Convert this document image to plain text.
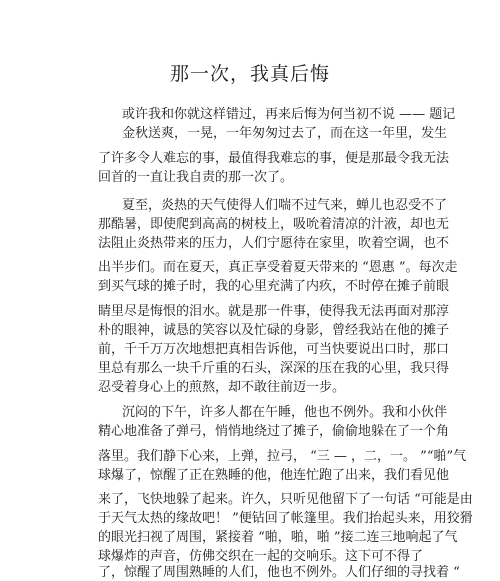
那一次，我真后悔
或许我和你就这样错过，再来后悔为何当初不说 —— 题记
金秋送爽，一晃，一年匆匆过去了，而在这一年里，发生
了许多令人难忘的事，最值得我难忘的事，便是那最令我无法
回首的一直让我自责的那一次了。
夏至，炎热的天气使得人们喘不过气来，蝉儿也忍受不了
那酷暑，即使爬到高高的树枝上，吸吮着清凉的汁液，却也无
法阻止炎热带来的压力，人们宁愿待在家里，吹着空调，也不
出半步们。而在夏天，真正享受着夏天带来的 “恩惠 ”。每次走
到买气球的摊子时，我的心里充满了内疚，不时停在摊子前眼
睛里尽是悔恨的泪水。就是那一件事，使得我无法再面对那淳
朴的眼神，诚恳的笑容以及忙碌的身影，曾经我站在他的摊子
前，千千万万次地想把真相告诉他，可当快要说出口时，那口
里总有那么一块千斤重的石头，深深的压在我的心里，我只得
忍受着身心上的煎熬，却不敢往前迈一步。
沉闷的下午，许多人都在午睡，他也不例外。我和小伙伴
精心地准备了弹弓，悄悄地绕过了摊子，偷偷地躲在了一个角
落里。我们静下心来，上弹，拉弓， “三 — ，二，一。 ”“啪”气
球爆了，惊醒了正在熟睡的他，他连忙跑了出来，我们看见他
来了，飞快地躲了起来。许久，只听见他留下了一句话 “可能是由
于天气太热的缘故吧！ ”便钻回了帐篷里。我们抬起头来，用狡猾
的眼光扫视了周围，紧接着 “啪，啪，啪 ”接二连三地响起了气
球爆炸的声音，仿佛交织在一起的交响乐。这下可不得了
了，惊醒了周围熟睡的人们，他也不例外。人们仔细的寻找着 “
